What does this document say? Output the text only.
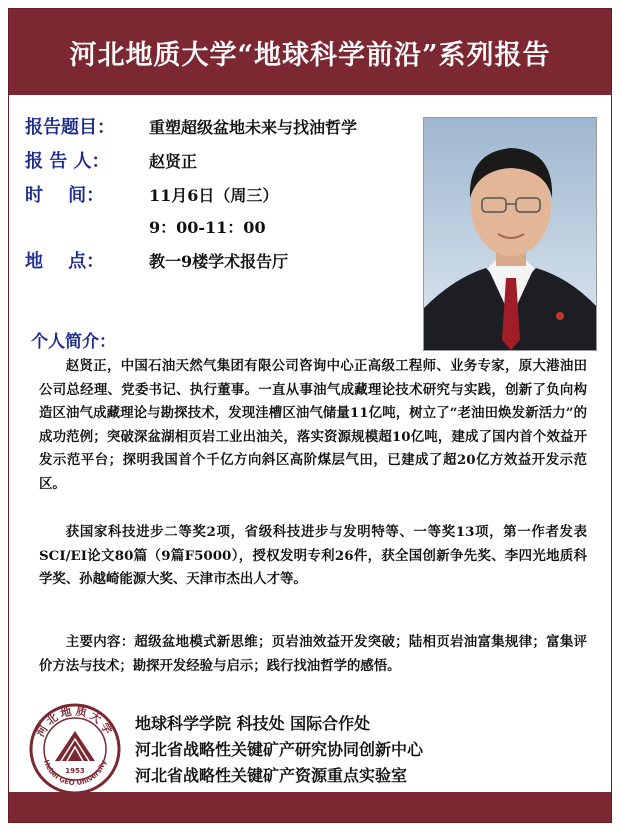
河北地质大学“地球科学前沿”系列报告
报告题目：	重塑超级盆地未来与找油哲学
报 告 人：	赵贤正
时    间：	11月6日（周三）
9：00-11：00
地    点：	教一9楼学术报告厅
个人简介：
赵贤正，中国石油天然气集团有限公司咨询中心正高级工程师、业务专家，原大港油田公司总经理、党委书记、执行董事。一直从事油气成藏理论技术研究与实践，创新了负向构造区油气成藏理论与勘探技术，发现洼槽区油气储量11亿吨，树立了“老油田焕发新活力”的成功范例；突破深盆湖相页岩工业出油关，落实资源规模超10亿吨，建成了国内首个效益开发示范平台；探明我国首个千亿方向斜区高阶煤层气田，已建成了超20亿方效益开发示范区。
获国家科技进步二等奖2项，省级科技进步与发明特等、一等奖13项，第一作者发表SCI/EI论文80篇（9篇F5000），授权发明专利26件，获全国创新争先奖、李四光地质科学奖、孙越崎能源大奖、天津市杰出人才等。
主要内容：超级盆地模式新思维；页岩油效益开发突破；陆相页岩油富集规律；富集评价方法与技术；勘探开发经验与启示；践行找油哲学的感悟。
河北地质大学
Hebei GEO University
1953
地球科学学院 科技处 国际合作处
河北省战略性关键矿产研究协同创新中心
河北省战略性关键矿产资源重点实验室
